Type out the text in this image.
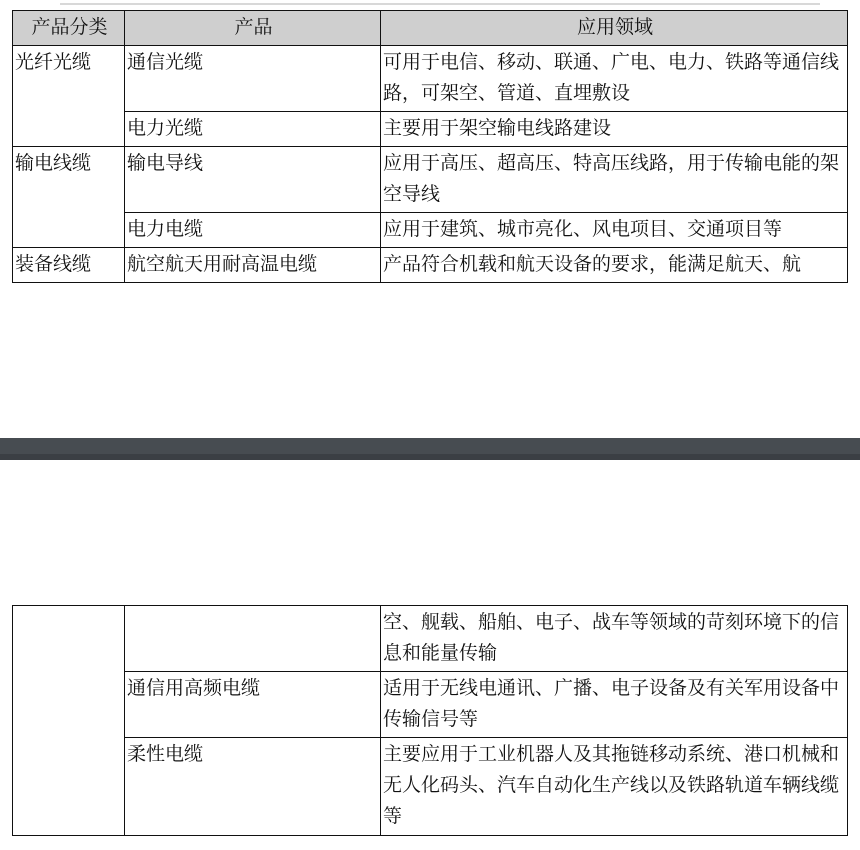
产品分类	产品	应用领域
光纤光缆	通信光缆	可用于电信、移动、联通、广电、电力、铁路等通信线路，可架空、管道、直埋敷设
	电力光缆	主要用于架空输电线路建设
输电线缆	输电导线	应用于高压、超高压、特高压线路，用于传输电能的架空导线
	电力电缆	应用于建筑、城市亮化、风电项目、交通项目等
装备线缆	航空航天用耐高温电缆	产品符合机载和航天设备的要求，能满足航天、航
		空、舰载、船舶、电子、战车等领域的苛刻环境下的信息和能量传输
	通信用高频电缆	适用于无线电通讯、广播、电子设备及有关军用设备中传输信号等
	柔性电缆	主要应用于工业机器人及其拖链移动系统、港口机械和无人化码头、汽车自动化生产线以及铁路轨道车辆线缆等
